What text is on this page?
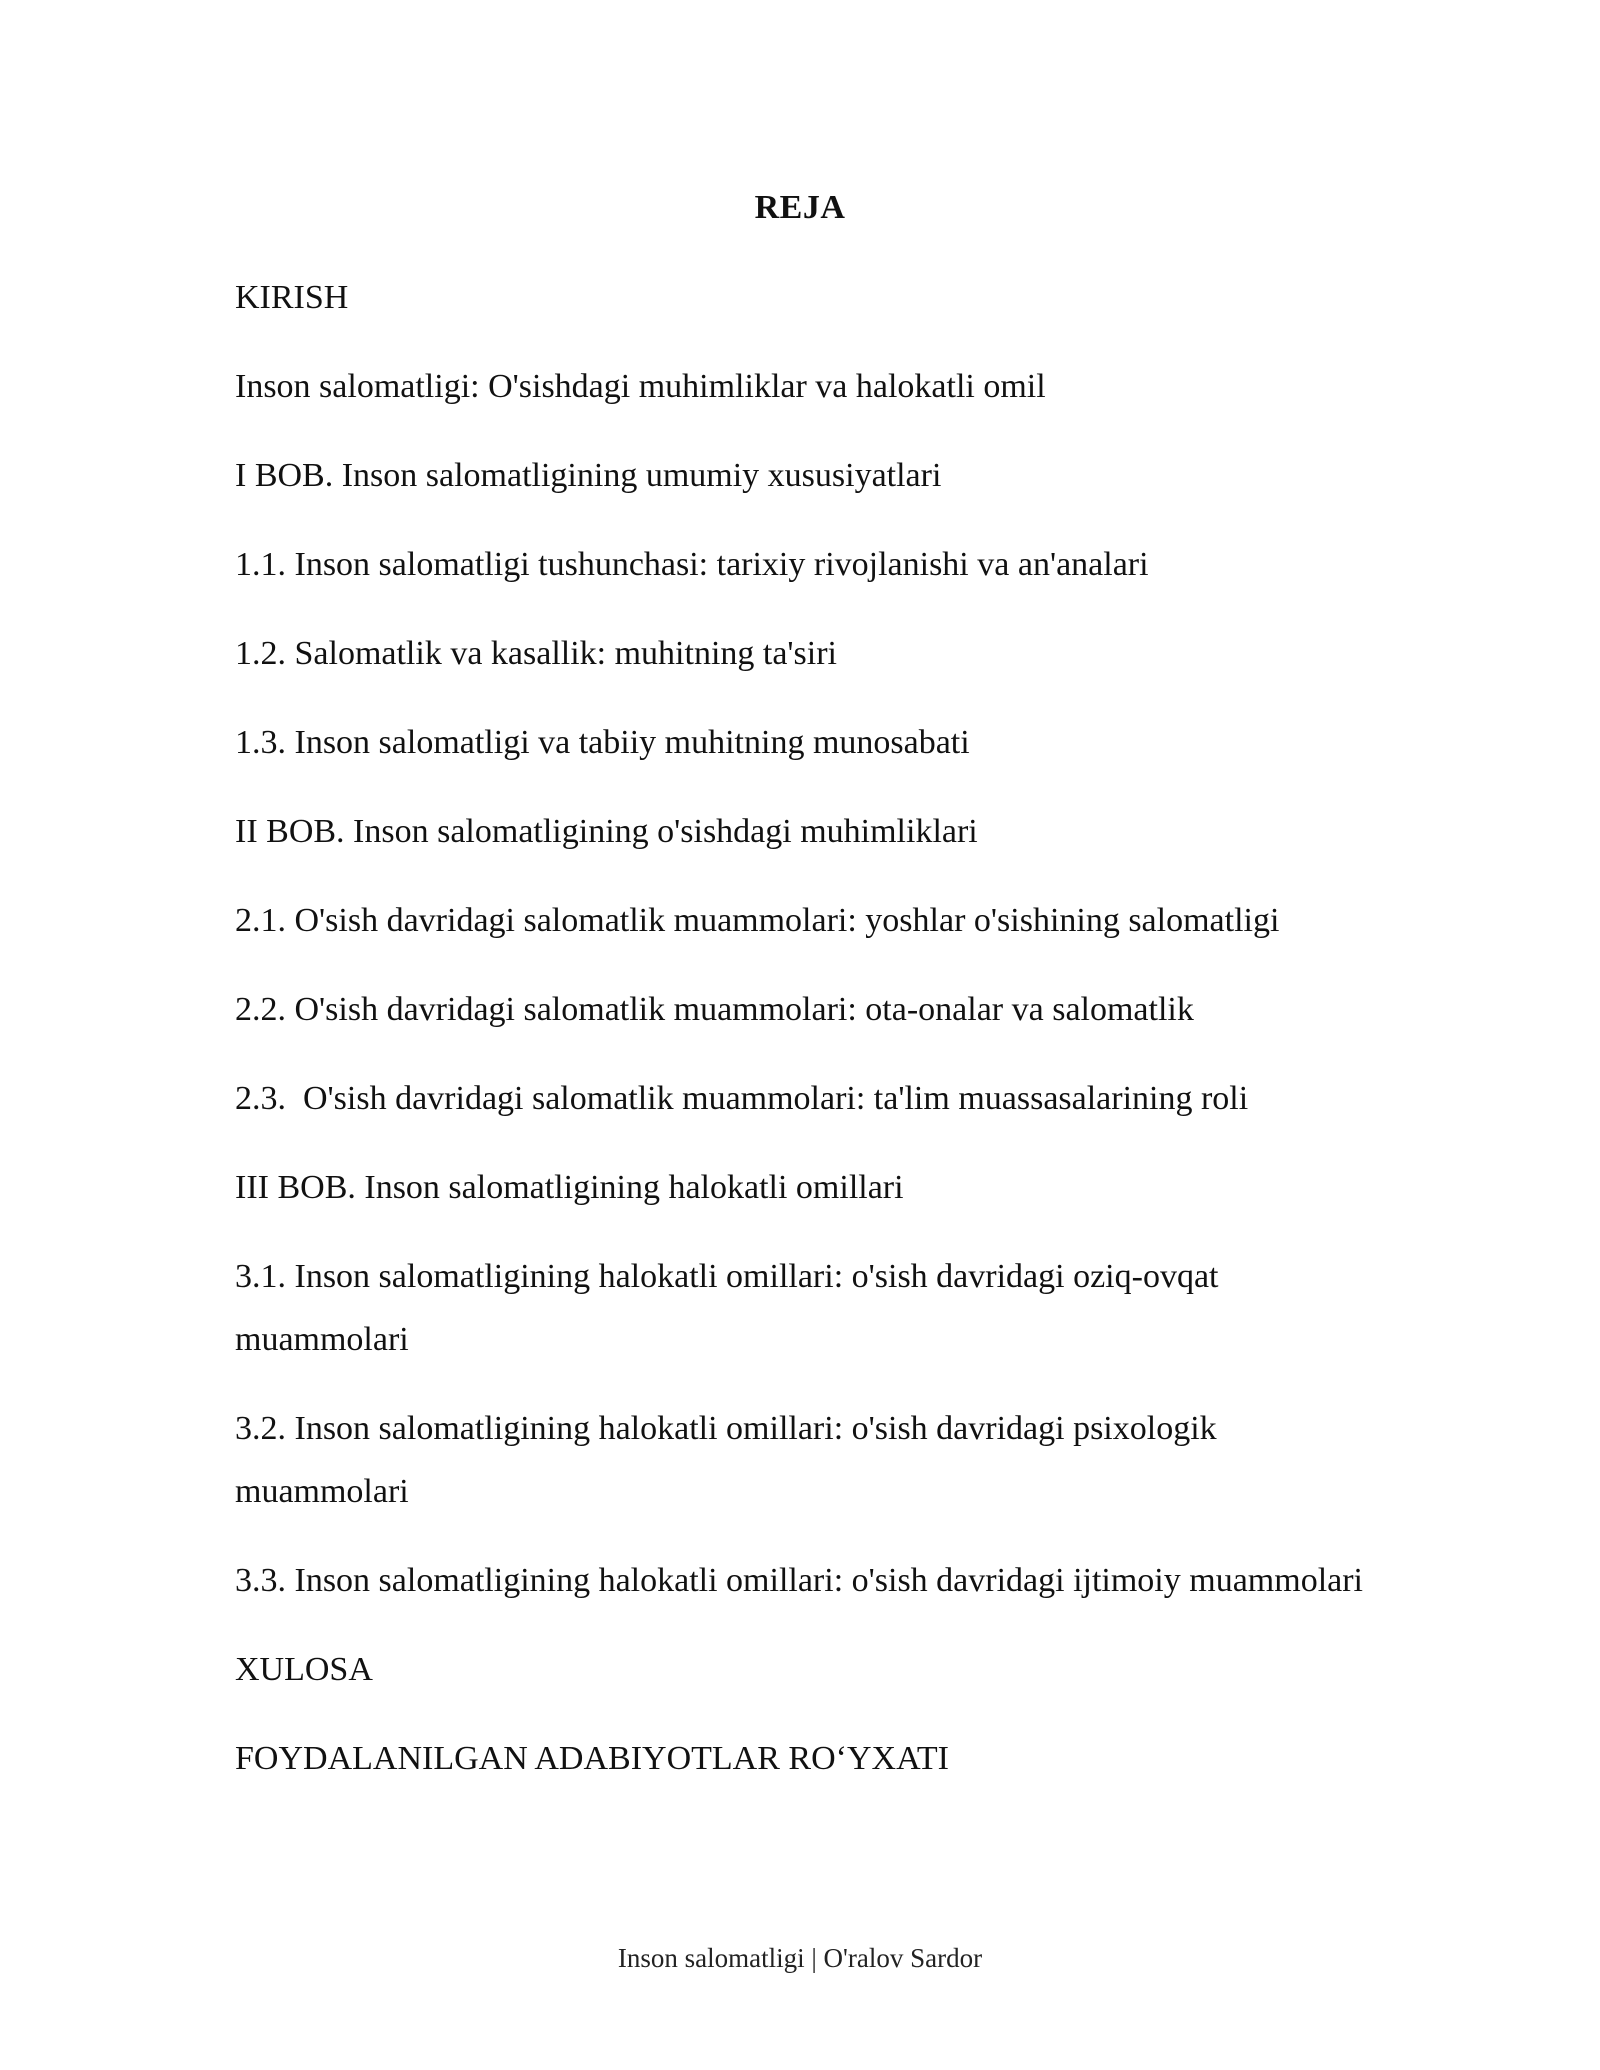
REJA

KIRISH

Inson salomatligi: O'sishdagi muhimliklar va halokatli omil

I BOB. Inson salomatligining umumiy xususiyatlari

1.1. Inson salomatligi tushunchasi: tarixiy rivojlanishi va an'analari

1.2. Salomatlik va kasallik: muhitning ta'siri

1.3. Inson salomatligi va tabiiy muhitning munosabati

II BOB. Inson salomatligining o'sishdagi muhimliklari

2.1. O'sish davridagi salomatlik muammolari: yoshlar o'sishining salomatligi

2.2. O'sish davridagi salomatlik muammolari: ota-onalar va salomatlik

2.3.  O'sish davridagi salomatlik muammolari: ta'lim muassasalarining roli

III BOB. Inson salomatligining halokatli omillari

3.1. Inson salomatligining halokatli omillari: o'sish davridagi oziq-ovqat muammolari

3.2. Inson salomatligining halokatli omillari: o'sish davridagi psixologik muammolari

3.3. Inson salomatligining halokatli omillari: o'sish davridagi ijtimoiy muammolari

XULOSA

FOYDALANILGAN ADABIYOTLAR RO‘YXATI

Inson salomatligi | O'ralov Sardor
